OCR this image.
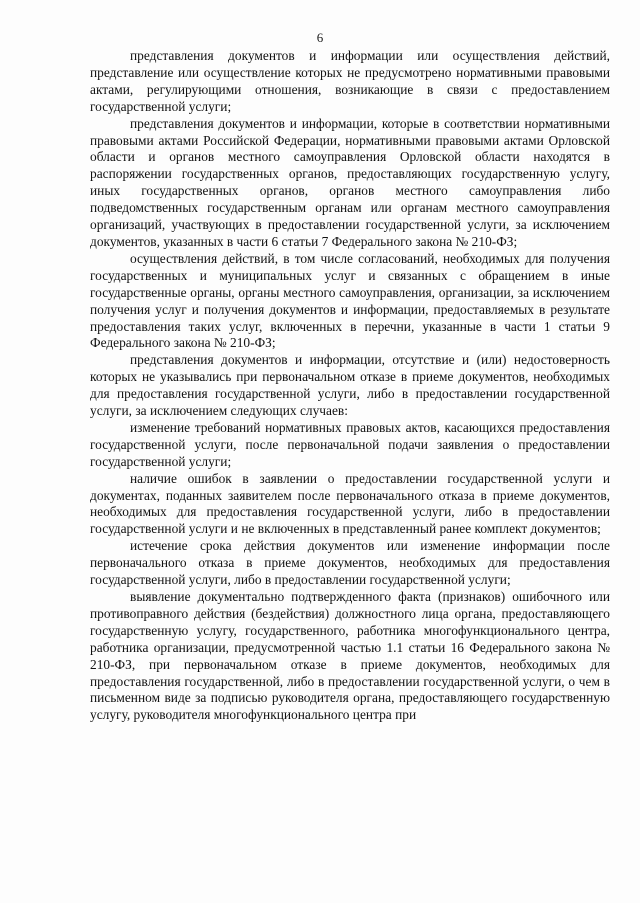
6

представления документов и информации или осуществления действий, представление или осуществление которых не предусмотрено нормативными правовыми актами, регулирующими отношения, возникающие в связи с предоставлением государственной услуги;

представления документов и информации, которые в соответствии нормативными правовыми актами Российской Федерации, нормативными правовыми актами Орловской области и органов местного самоуправления Орловской области находятся в распоряжении государственных органов, предоставляющих государственную услугу, иных государственных органов, органов местного самоуправления либо подведомственных государственным органам или органам местного самоуправления организаций, участвующих в предоставлении государственной услуги, за исключением документов, указанных в части 6 статьи 7 Федерального закона № 210-ФЗ;

осуществления действий, в том числе согласований, необходимых для получения государственных и муниципальных услуг и связанных с обращением в иные государственные органы, органы местного самоуправления, организации, за исключением получения услуг и получения документов и информации, предоставляемых в результате предоставления таких услуг, включенных в перечни, указанные в части 1 статьи 9 Федерального закона № 210-ФЗ;

представления документов и информации, отсутствие и (или) недостоверность которых не указывались при первоначальном отказе в приеме документов, необходимых для предоставления государственной услуги, либо в предоставлении государственной услуги, за исключением следующих случаев:

изменение требований нормативных правовых актов, касающихся предоставления государственной услуги, после первоначальной подачи заявления о предоставлении государственной услуги;

наличие ошибок в заявлении о предоставлении государственной услуги и документах, поданных заявителем после первоначального отказа в приеме документов, необходимых для предоставления государственной услуги, либо в предоставлении государственной услуги и не включенных в представленный ранее комплект документов;

истечение срока действия документов или изменение информации после первоначального отказа в приеме документов, необходимых для предоставления государственной услуги, либо в предоставлении государственной услуги;

выявление документально подтвержденного факта (признаков) ошибочного или противоправного действия (бездействия) должностного лица органа, предоставляющего государственную услугу, государственного, работника многофункционального центра, работника организации, предусмотренной частью 1.1 статьи 16 Федерального закона № 210-ФЗ, при первоначальном отказе в приеме документов, необходимых для предоставления государственной, либо в предоставлении государственной услуги, о чем в письменном виде за подписью руководителя органа, предоставляющего государственную услугу, руководителя многофункционального центра при
